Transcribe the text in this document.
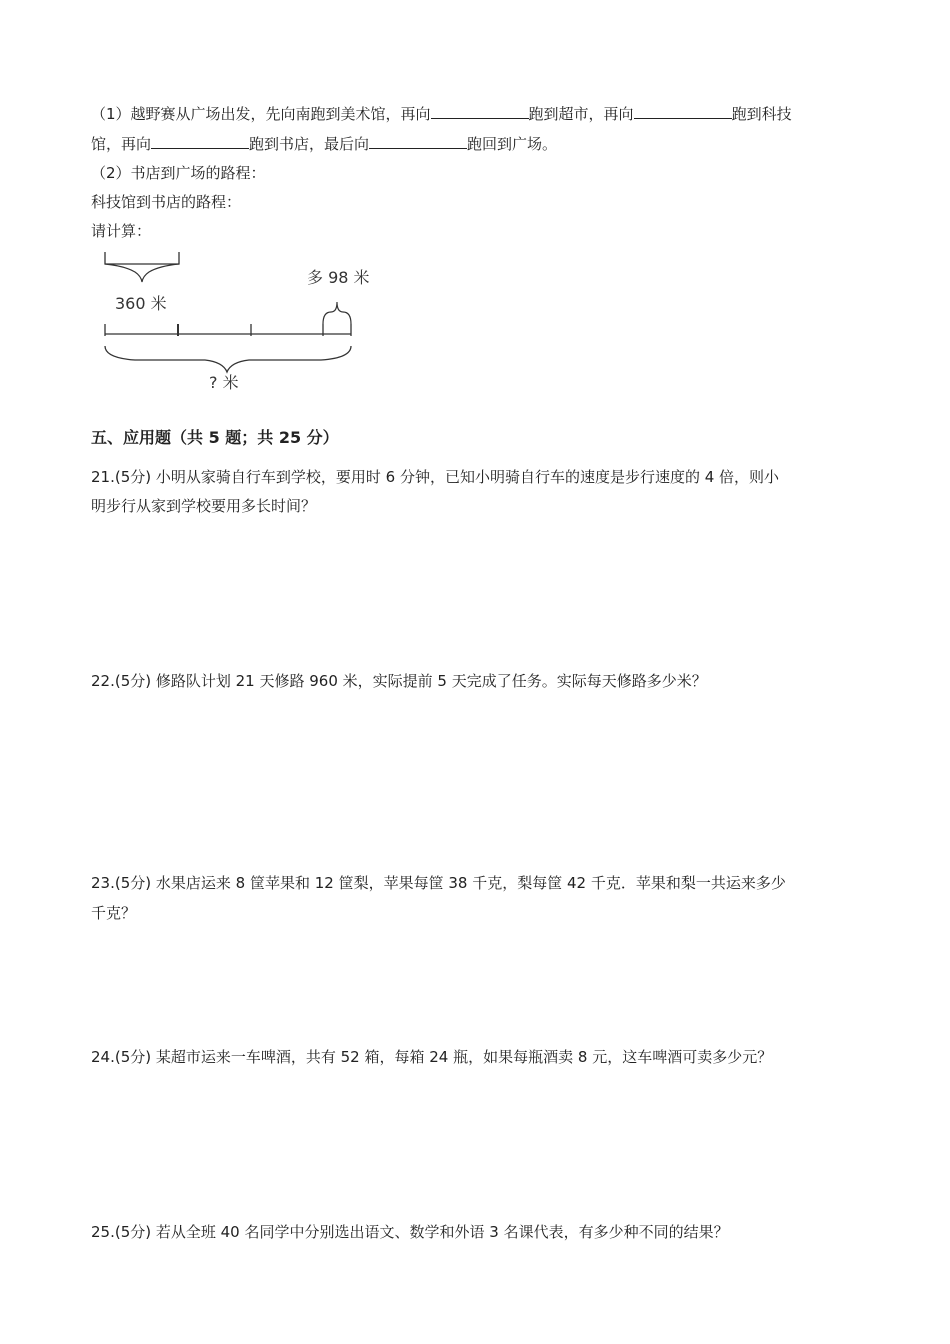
（1）越野赛从广场出发，先向南跑到美术馆，再向	跑到超市，再向	跑到科技
馆，再向	跑到书店，最后向	跑回到广场。
（2）书店到广场的路程：
科技馆到书店的路程：
请计算：
360 米
多 98 米
? 米
五、应用题（共 5 题；共 25 分）
21.(5分) 小明从家骑自行车到学校，要用时 6 分钟，已知小明骑自行车的速度是步行速度的 4 倍，则小
明步行从家到学校要用多长时间？
22.(5分) 修路队计划 21 天修路 960 米，实际提前 5 天完成了任务。实际每天修路多少米？
23.(5分) 水果店运来 8 筐苹果和 12 筐梨，苹果每筐 38 千克，梨每筐 42 千克．苹果和梨一共运来多少
千克？
24.(5分) 某超市运来一车啤酒，共有 52 箱，每箱 24 瓶，如果每瓶酒卖 8 元，这车啤酒可卖多少元？
25.(5分) 若从全班 40 名同学中分别选出语文、数学和外语 3 名课代表，有多少种不同的结果？
